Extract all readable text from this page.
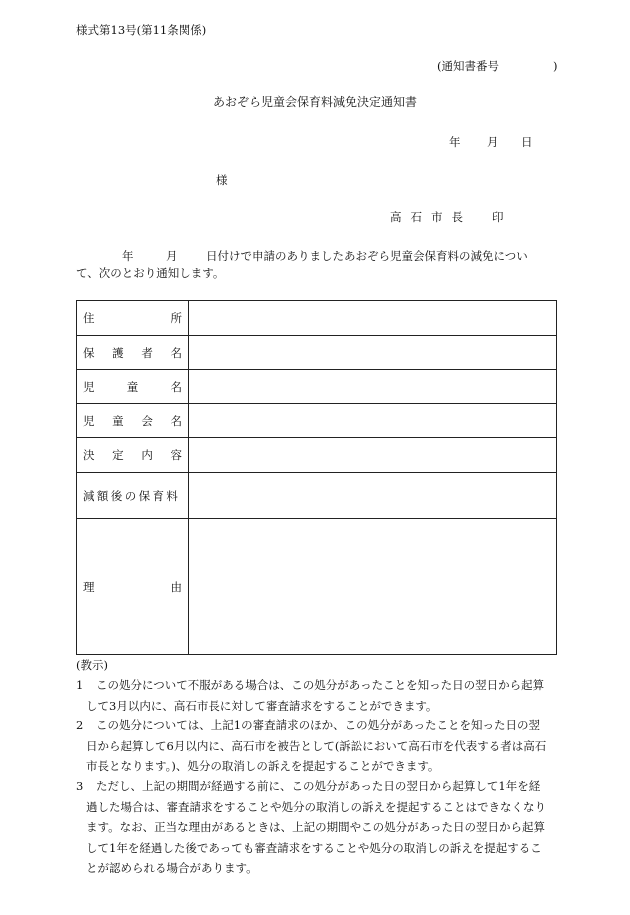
様式第13号(第11条関係)
(通知書番号	)
あおぞら児童会保育料減免決定通知書
年 月 日
様
高 石 市 長 印
年	月 日付けで申請のありましたあおぞら児童会保育料の減免につい
て、次のとおり通知します。
住 所	

保 護 者 名	

児 童 名	

児 童 会 名	

決 定 内 容	

減額後の保育料	

理 由	

(教示)
1 この処分について不服がある場合は、この処分があったことを知った日の翌日から起算
して3月以内に、高石市長に対して審査請求をすることができます。
2 この処分については、上記1の審査請求のほか、この処分があったことを知った日の翌
日から起算して6月以内に、高石市を被告として(訴訟において高石市を代表する者は高石
市長となります。)、処分の取消しの訴えを提起することができます。
3 ただし、上記の期間が経過する前に、この処分があった日の翌日から起算して1年を経
過した場合は、審査請求をすることや処分の取消しの訴えを提起することはできなくなり
ます。なお、正当な理由があるときは、上記の期間やこの処分があった日の翌日から起算
して1年を経過した後であっても審査請求をすることや処分の取消しの訴えを提起するこ
とが認められる場合があります。
